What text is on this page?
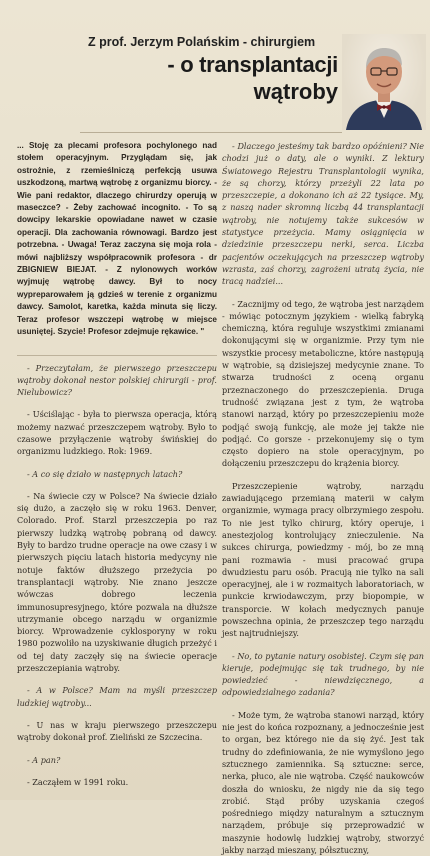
Z prof. Jerzym Polańskim - chirurgiem
- o transplantacji
wątroby

... Stoję za plecami profesora pochylonego nad stołem operacyjnym. Przyglądam się, jak ostrożnie, z rzemieślniczą perfekcją usuwa uszkodzoną, martwą wątrobę z organizmu biorcy. - Wie pani redaktor, dlaczego chirurdzy operują w maseczce? - Żeby zachować incognito. - To są dowcipy lekarskie opowiadane nawet w czasie operacji. Dla zachowania równowagi. Bardzo jest potrzebna. - Uwaga! Teraz zaczyna się moja rola - mówi najbliższy współpracownik profesora - dr ZBIGNIEW BIEJAT. - Z nylonowych worków wyjmuję wątrobę dawcy. Był to nocy wypreparowałem ją gdzieś w terenie z organizmu dawcy. Samolot, karetka, każda minuta się liczy. Teraz profesor wszczepi wątrobę w miejsce usuniętej. Szycie! Profesor zdejmuje rękawice. "

- Przeczytałam, że pierwszego przeszczepu wątroby dokonał nestor polskiej chirurgii - prof. Nielubowicz?

- Uściślając - była to pierwsza operacja, którą możemy nazwać przeszczepem wątroby. Było to czasowe przyłączenie wątroby świńskiej do organizmu ludzkiego. Rok: 1969.

- A co się działo w następnych latach?

- Na świecie czy w Polsce? Na świecie działo się dużo, a zaczęło się w roku 1963. Denver, Colorado. Prof. Starzl przeszczepia po raz pierwszy ludzką wątrobę pobraną od dawcy. Były to bardzo trudne operacje na owe czasy i w pierwszych pięciu latach historia medycyny nie notuje faktów dłuższego przeżycia po transplantacji wątroby. Nie znano jeszcze wówczas dobrego leczenia immunosupresyjnego, które pozwala na dłuższe utrzymanie obcego narządu w organizmie biorcy. Wprowadzenie cyklosporyny w roku 1980 pozwoliło na uzyskiwanie długich przeżyć i od tej daty zaczęły się na świecie operacje przeszczepiania wątroby.

- A w Polsce? Mam na myśli przeszczep ludzkiej wątroby...

- U nas w kraju pierwszego przeszczepu wątroby dokonał prof. Zieliński ze Szczecina.

- A pan?

- Zacząłem w 1991 roku.

- Dlaczego jesteśmy tak bardzo opóźnieni? Nie chodzi już o daty, ale o wyniki. Z lektury Światowego Rejestru Transplantologii wynika, że są chorzy, którzy przeżyli 22 lata po przeszczepie, a dokonano ich aż 22 tysiące. My, z naszą nader skromną liczbą 44 transplantacji wątroby, nie notujemy także sukcesów w statystyce przeżycia. Mamy osiągnięcia w dziedzinie przeszczepu nerki, serca. Liczba pacjentów oczekujących na przeszczep wątroby wzrasta, zaś chorzy, zagrożeni utratą życia, nie tracą nadziei...

- Zacznijmy od tego, że wątroba jest narządem - mówiąc potocznym językiem - wielką fabryką chemiczną, która reguluje wszystkimi zmianami dokonującymi się w organizmie. Przy tym nie wszystkie procesy metaboliczne, które następują w wątrobie, są dzisiejszej medycynie znane. To stwarza trudności z oceną organu przeznaczonego do przeszczepienia. Druga trudność związana jest z tym, że wątroba stanowi narząd, który po przeszczepieniu może podjąć swoją funkcję, ale może jej także nie podjąć. Co gorsze - przekonujemy się o tym często dopiero na stole operacyjnym, po dołączeniu przeszczepu do krążenia biorcy.

Przeszczepienie wątroby, narządu zawiadującego przemianą materii w całym organizmie, wymaga pracy olbrzymiego zespołu. To nie jest tylko chirurg, który operuje, i anestezjolog kontrolujący znieczulenie. Na sukces chirurga, powiedzmy - mój, bo ze mną pani rozmawia - musi pracować grupa dwudziestu paru osób. Pracują nie tylko na sali operacyjnej, ale i w rozmaitych laboratoriach, w punkcie krwiodawczym, przy biopompie, w transporcie. W kołach medycznych panuje powszechna opinia, że przeszczep tego narządu jest najtrudniejszy.

- No, to pytanie natury osobistej. Czym się pan kieruje, podejmując się tak trudnego, by nie powiedzieć - niewdzięcznego, a odpowiedzialnego zadania?

- Może tym, że wątroba stanowi narząd, który nie jest do końca rozpoznany, a jednocześnie jest to organ, bez którego nie da się żyć. Jest tak trudny do zdefiniowania, że nie wymyślono jego sztucznego zamiennika. Są sztuczne: serce, nerka, płuco, ale nie wątroba. Część naukowców doszła do wniosku, że nigdy nie da się tego zrobić. Stąd próby uzyskania czegoś pośredniego między naturalnym a sztucznym narządem, próbuje się przeprowadzić w maszynie hodowlę ludzkiej wątroby, stworzyć jakby narząd mieszany, półsztuczny,
